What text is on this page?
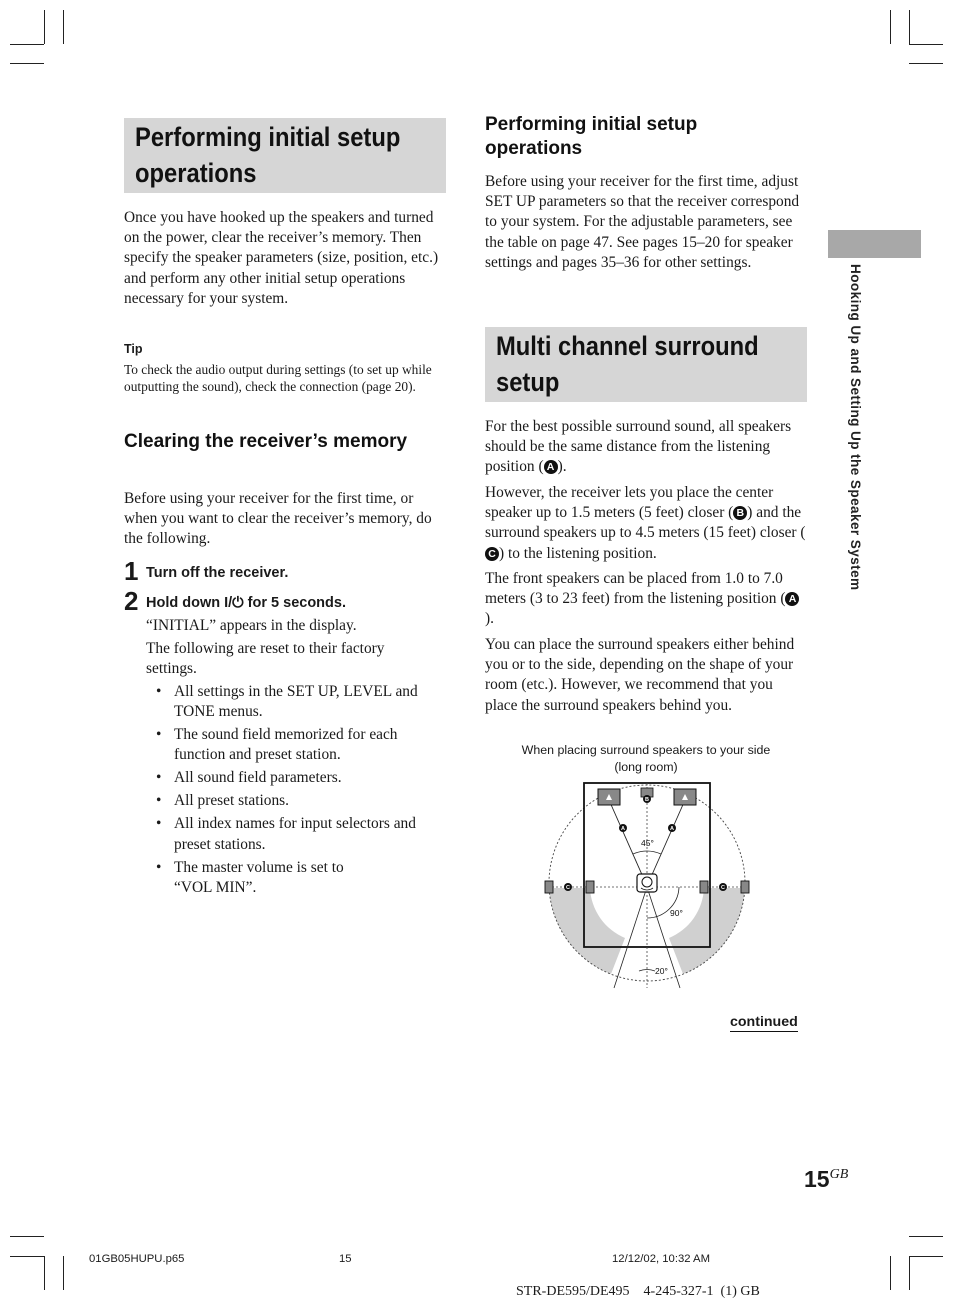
Performing initial setup operations

Once you have hooked up the speakers and turned on the power, clear the receiver’s memory. Then specify the speaker parameters (size, position, etc.) and perform any other initial setup operations necessary for your system.

Tip

To check the audio output during settings (to set up while outputting the sound), check the connection (page 20).

Clearing the receiver’s memory

Before using your receiver for the first time, or when you want to clear the receiver’s memory, do the following.

1 Turn off the receiver.
2 Hold down I/⏻ for 5 seconds.

“INITIAL” appears in the display.

The following are reset to their factory settings.

• All settings in the SET UP, LEVEL and TONE menus.
• The sound field memorized for each function and preset station.
• All sound field parameters.
• All preset stations.
• All index names for input selectors and preset stations.
• The master volume is set to “VOL MIN”.
Performing initial setup operations

Before using your receiver for the first time, adjust SET UP parameters so that the receiver correspond to your system. For the adjustable parameters, see the table on page 47. See pages 15–20 for speaker settings and pages 35–36 for other settings.

Multi channel surround setup

For the best possible surround sound, all speakers should be the same distance from the listening position ( A ).

However, the receiver lets you place the center speaker up to 1.5 meters (5 feet) closer ( B ) and the surround speakers up to 4.5 meters (15 feet) closer (C ) to the listening position.

The front speakers can be placed from 1.0 to 7.0 meters (3 to 23 feet) from the listening position ( A).

You can place the surround speakers either behind you or to the side, depending on the shape of your room (etc.). However, we recommend that you place the surround speakers behind you.

When placing surround speakers to your side
(long room)
B
A	A
C	C
45°
90°
20°
continued
Hooking Up and Setting Up the Speaker System
15GB
01GB05HUPU.p65	15	12/12/02, 10:32 AM
STR-DE595/DE495    4-245-327-1  (1) GB
